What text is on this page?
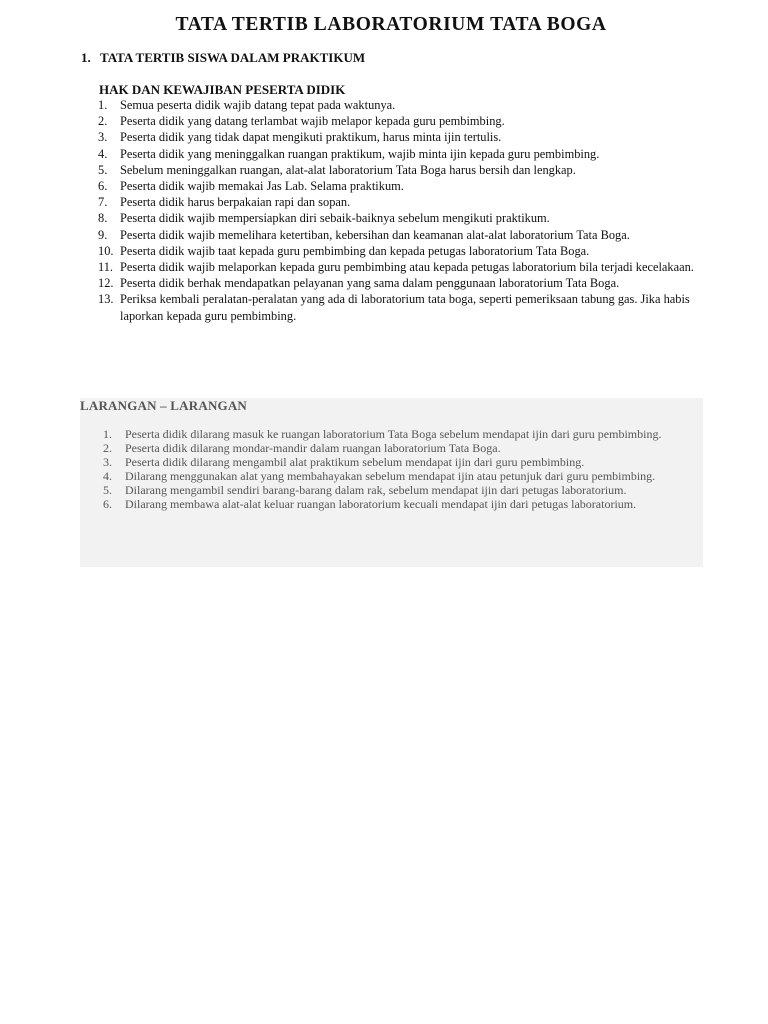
TATA TERTIB LABORATORIUM TATA BOGA
1. TATA TERTIB SISWA DALAM PRAKTIKUM
HAK DAN KEWAJIBAN PESERTA DIDIK
1. Semua peserta didik wajib datang tepat pada waktunya.
2. Peserta didik yang datang terlambat wajib melapor kepada guru pembimbing.
3. Peserta didik yang tidak dapat mengikuti praktikum, harus minta ijin tertulis.
4. Peserta didik yang meninggalkan ruangan praktikum, wajib minta ijin kepada guru pembimbing.
5. Sebelum meninggalkan ruangan, alat-alat laboratorium Tata Boga harus bersih dan lengkap.
6. Peserta didik wajib memakai Jas Lab. Selama praktikum.
7. Peserta didik harus berpakaian rapi dan sopan.
8. Peserta didik wajib mempersiapkan diri sebaik-baiknya sebelum mengikuti praktikum.
9. Peserta didik wajib memelihara ketertiban, kebersihan dan keamanan alat-alat laboratorium Tata Boga.
10. Peserta didik wajib taat kepada guru pembimbing dan kepada petugas laboratorium Tata Boga.
11. Peserta didik wajib melaporkan kepada guru pembimbing atau kepada petugas laboratorium bila terjadi kecelakaan.
12. Peserta didik berhak mendapatkan pelayanan yang sama dalam penggunaan laboratorium Tata Boga.
13. Periksa kembali peralatan-peralatan yang ada di laboratorium tata boga, seperti pemeriksaan tabung gas. Jika habis laporkan kepada guru pembimbing.
LARANGAN – LARANGAN
1. Peserta didik dilarang masuk ke ruangan laboratorium Tata Boga sebelum mendapat ijin dari guru pembimbing.
2. Peserta didik dilarang mondar-mandir dalam ruangan laboratorium Tata Boga.
3. Peserta didik dilarang mengambil alat praktikum sebelum mendapat ijin dari guru pembimbing.
4. Dilarang menggunakan alat yang membahayakan sebelum mendapat ijin atau petunjuk dari guru pembimbing.
5. Dilarang mengambil sendiri barang-barang dalam rak, sebelum mendapat ijin dari petugas laboratorium.
6. Dilarang membawa alat-alat keluar ruangan laboratorium kecuali mendapat ijin dari petugas laboratorium.
